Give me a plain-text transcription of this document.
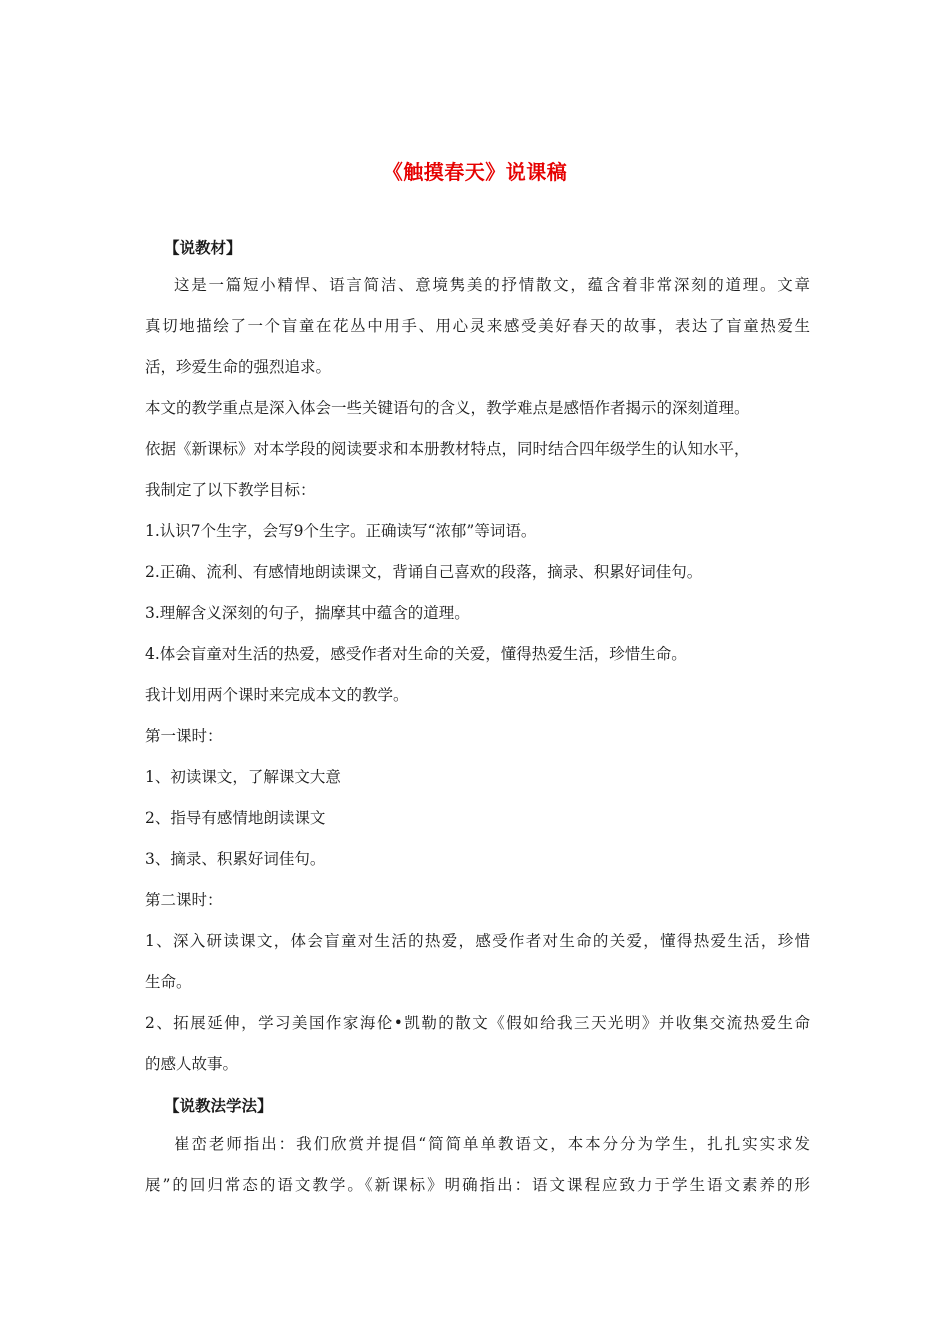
《触摸春天》说课稿
【说教材】
这是一篇短小精悍、语言简洁、意境隽美的抒情散文，蕴含着非常深刻的道理。文章
真切地描绘了一个盲童在花丛中用手、用心灵来感受美好春天的故事，表达了盲童热爱生
活，珍爱生命的强烈追求。
本文的教学重点是深入体会一些关键语句的含义，教学难点是感悟作者揭示的深刻道理。
依据《新课标》对本学段的阅读要求和本册教材特点，同时结合四年级学生的认知水平，
我制定了以下教学目标：
1.认识7个生字，会写9个生字。正确读写“浓郁”等词语。
2.正确、流利、有感情地朗读课文，背诵自己喜欢的段落，摘录、积累好词佳句。
3.理解含义深刻的句子，揣摩其中蕴含的道理。
4.体会盲童对生活的热爱，感受作者对生命的关爱，懂得热爱生活，珍惜生命。
我计划用两个课时来完成本文的教学。
第一课时：
1、初读课文，了解课文大意
2、指导有感情地朗读课文
3、摘录、积累好词佳句。
第二课时：
1、深入研读课文，体会盲童对生活的热爱，感受作者对生命的关爱，懂得热爱生活，珍惜
生命。
2、拓展延伸，学习美国作家海伦•凯勒的散文《假如给我三天光明》并收集交流热爱生命
的感人故事。
【说教法学法】
崔峦老师指出：我们欣赏并提倡“简简单单教语文，本本分分为学生，扎扎实实求发
展”的回归常态的语文教学。《新课标》明确指出：语文课程应致力于学生语文素养的形
